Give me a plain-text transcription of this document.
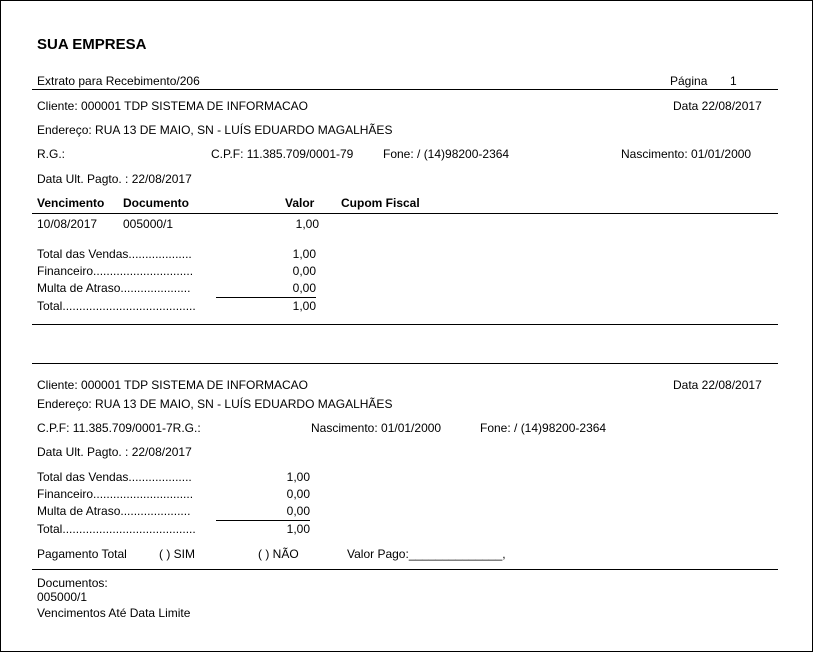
SUA EMPRESA
Extrato para Recebimento/206	Página 1
Cliente: 000001 TDP SISTEMA DE INFORMACAO	Data 22/08/2017
Endereço: RUA 13 DE MAIO, SN - LUÍS EDUARDO MAGALHÃES
R.G.:	C.P.F: 11.385.709/0001-79 Fone: / (14)98200-2364	Nascimento: 01/01/2000
Data Ult. Pagto. : 22/08/2017
Vencimento Documento	Valor Cupom Fiscal
10/08/2017 005000/1	1,00
Total das Vendas...................	1,00
Financeiro..............................	0,00
Multa de Atraso.....................	0,00
Total........................................	1,00
Cliente: 000001 TDP SISTEMA DE INFORMACAO	Data 22/08/2017
Endereço: RUA 13 DE MAIO, SN - LUÍS EDUARDO MAGALHÃES
C.P.F: 11.385.709/0001-7R.G.:	Nascimento: 01/01/2000	Fone: / (14)98200-2364
Data Ult. Pagto. : 22/08/2017
Total das Vendas...................	1,00
Financeiro..............................	0,00
Multa de Atraso.....................	0,00
Total........................................	1,00
Pagamento Total	( ) SIM	( ) NÃO	Valor Pago:______________,
Documentos:
005000/1
Vencimentos Até Data Limite
